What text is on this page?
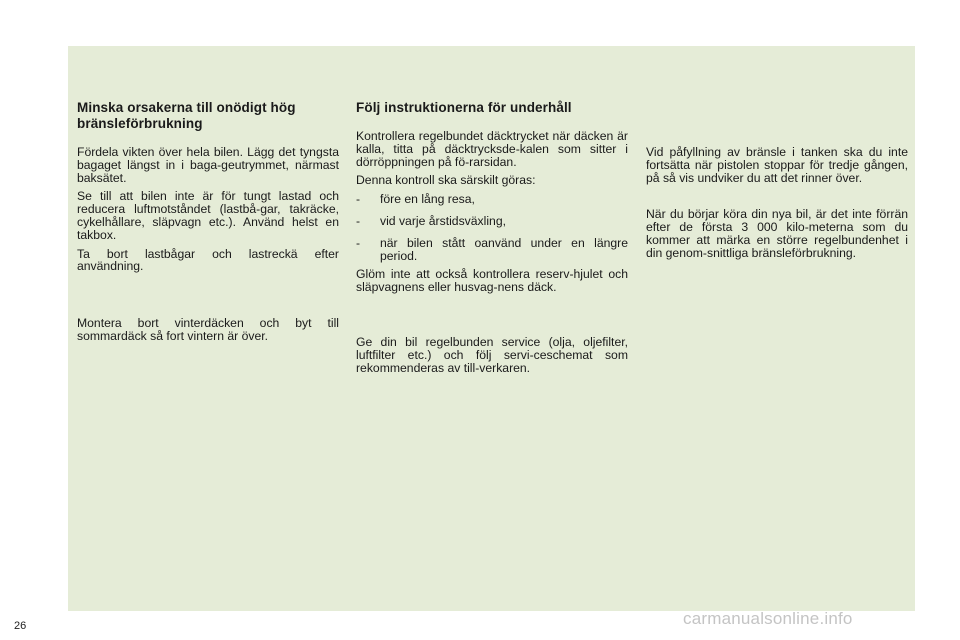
Minska orsakerna till onödigt hög bränsleförbrukning

Fördela vikten över hela bilen. Lägg det tyngsta bagaget längst in i baga-geutrymmet, närmast baksätet.

Se till att bilen inte är för tungt lastad och reducera luftmotståndet (lastbå-gar, takräcke, cykelhållare, släpvagn etc.). Använd helst en takbox.

Ta bort lastbågar och lastreckä efter användning.

Montera bort vinterdäcken och byt till sommardäck så fort vintern är över.

Följ instruktionerna för underhåll

Kontrollera regelbundet däcktrycket när däcken är kalla, titta på däcktrycksde-kalen som sitter i dörröppningen på fö-rarsidan.

Denna kontroll ska särskilt göras:

- före en lång resa,
- vid varje årstidsväxling,
- när bilen stått oanvänd under en längre period.

Glöm inte att också kontrollera reserv-hjulet och släpvagnens eller husvag-nens däck.

Ge din bil regelbunden service (olja, oljefilter, luftfilter etc.) och följ servi-ceschemat som rekommenderas av till-verkaren.

Vid påfyllning av bränsle i tanken ska du inte fortsätta när pistolen stoppar för tredje gången, på så vis undviker du att det rinner över.

När du börjar köra din nya bil, är det inte förrän efter de första 3 000 kilo-meterna som du kommer att märka en större regelbundenhet i din genom-snittliga bränsleförbrukning.

26	carmanualsonline.info
